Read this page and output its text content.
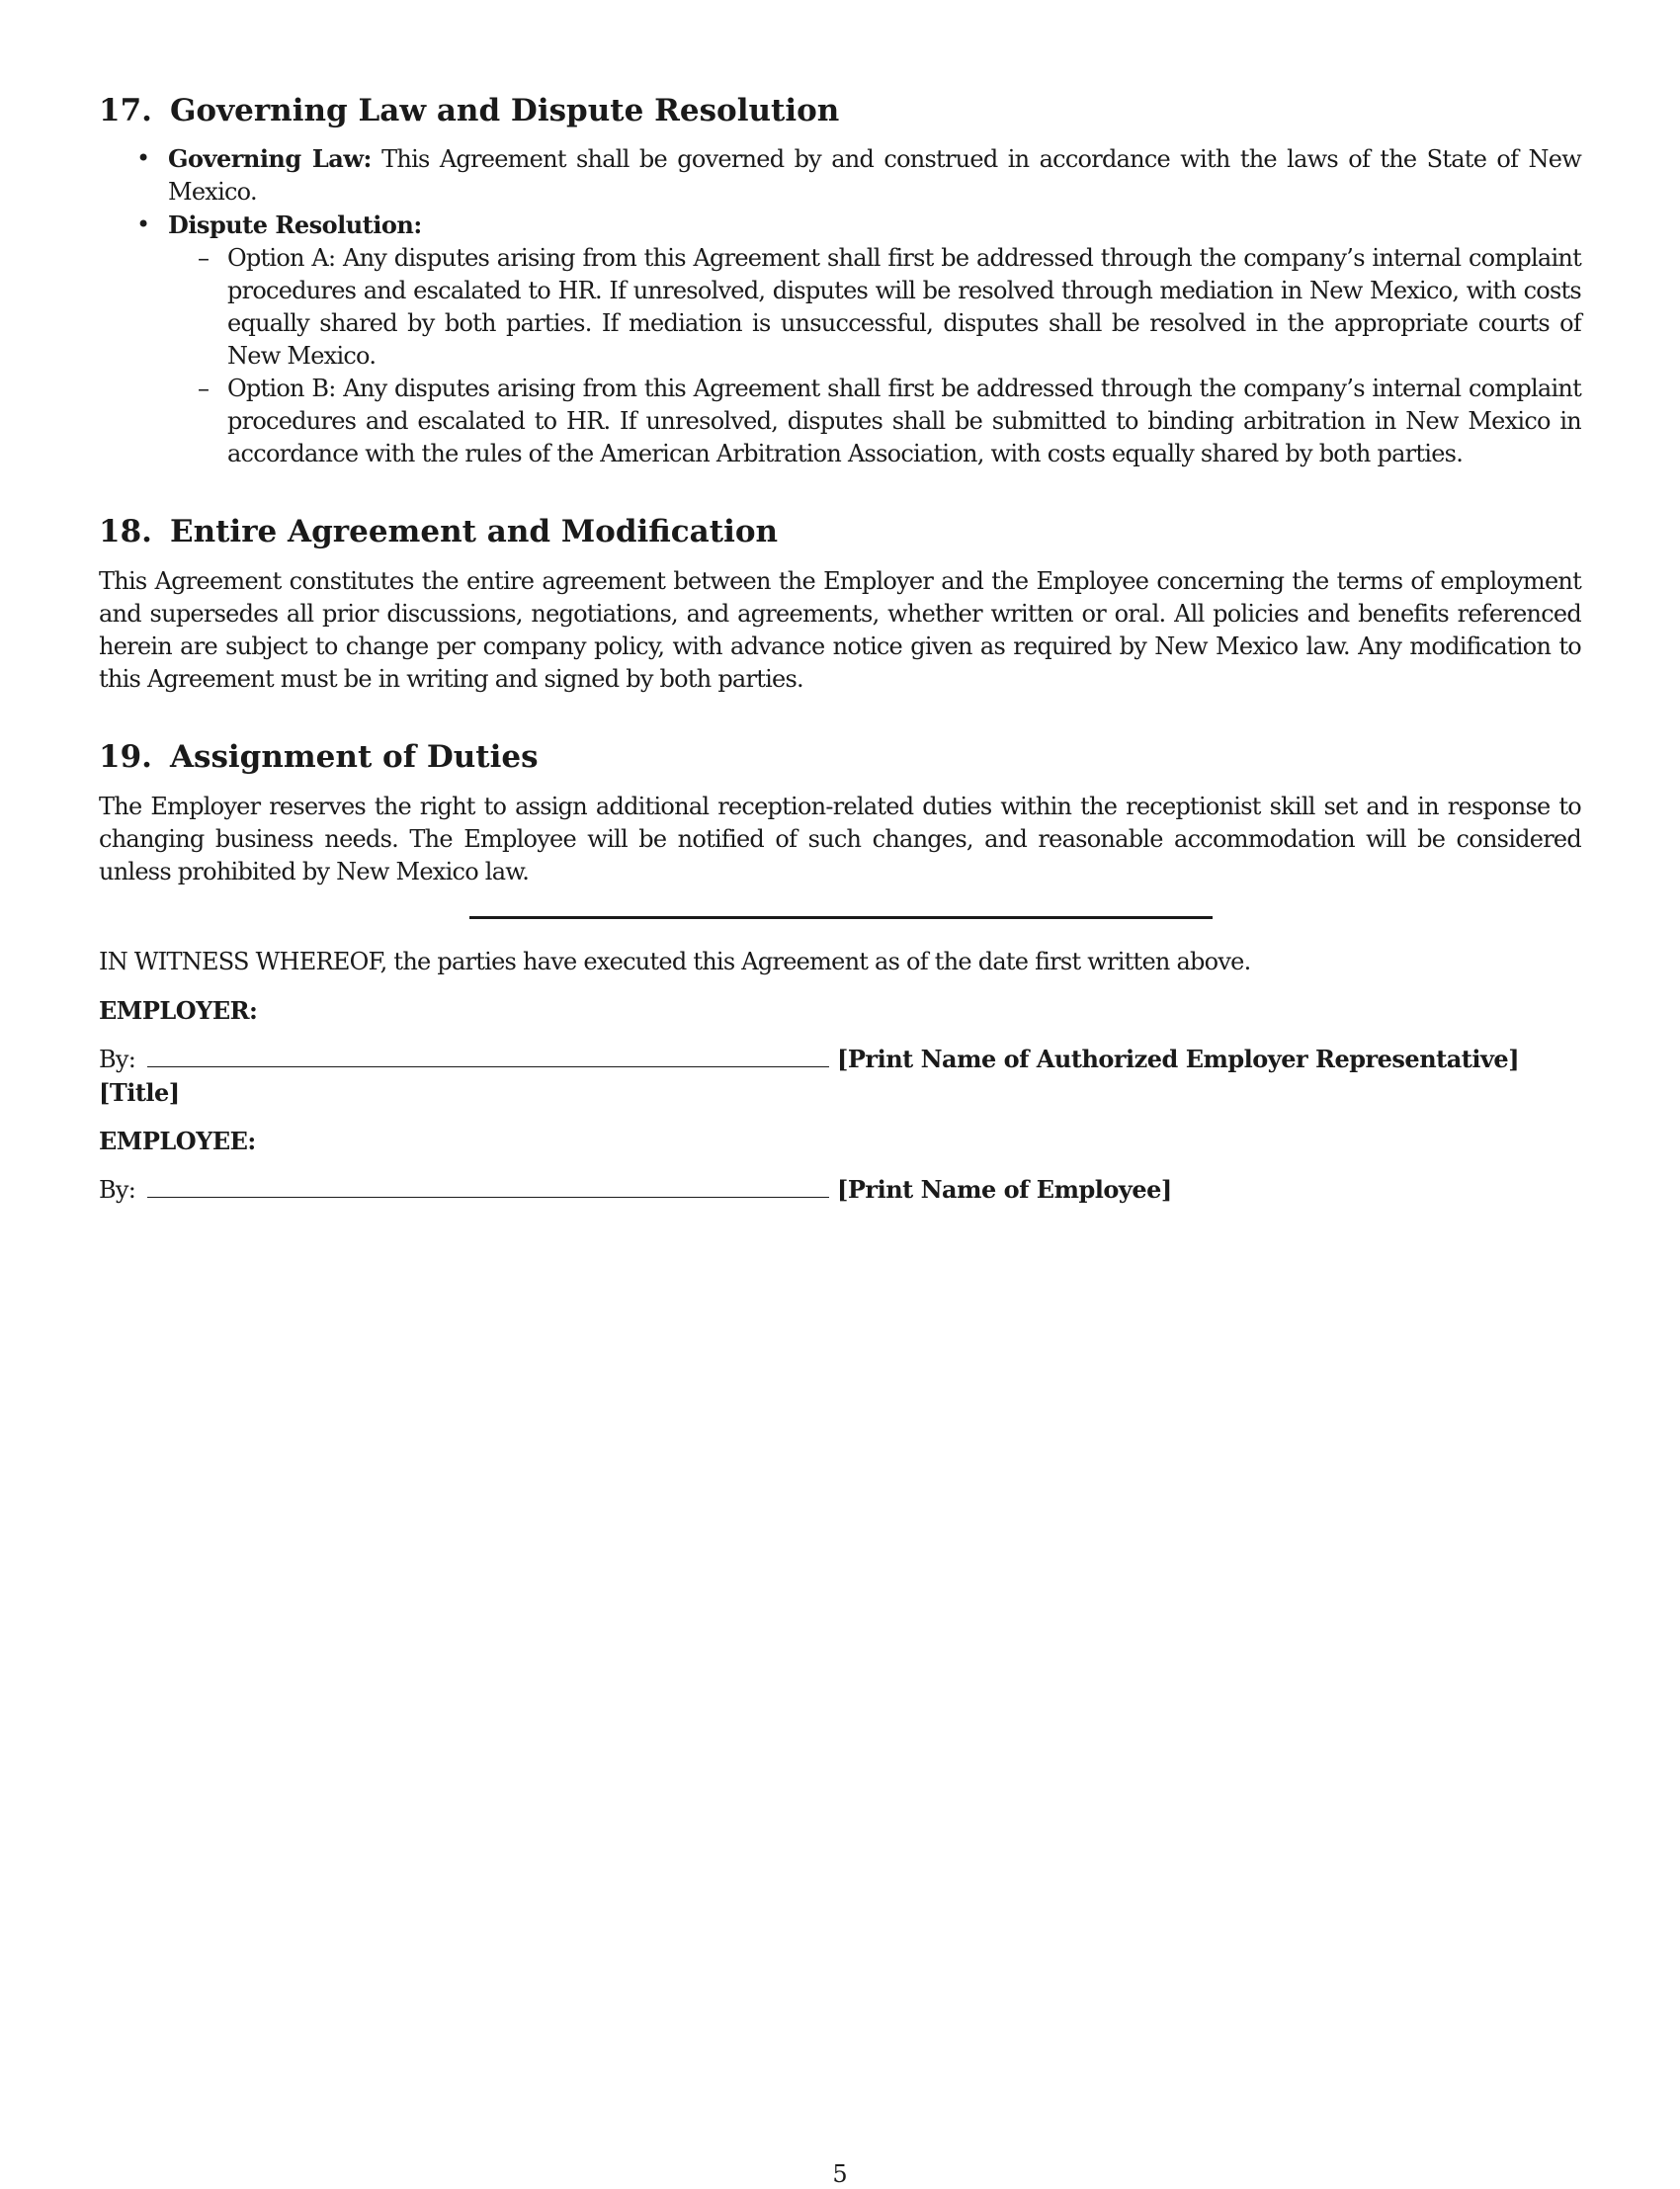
17. Governing Law and Dispute Resolution
• Governing Law: This Agreement shall be governed by and construed in accordance with the laws of the State of New Mexico.
• Dispute Resolution:
– Option A: Any disputes arising from this Agreement shall first be addressed through the company’s internal complaint procedures and escalated to HR. If unresolved, disputes will be resolved through mediation in New Mexico, with costs equally shared by both parties. If mediation is unsuccessful, disputes shall be resolved in the appropriate courts of New Mexico.
– Option B: Any disputes arising from this Agreement shall first be addressed through the company’s internal complaint procedures and escalated to HR. If unresolved, disputes shall be submitted to binding arbitration in New Mexico in accordance with the rules of the American Arbitration Association, with costs equally shared by both parties.
18. Entire Agreement and Modification

This Agreement constitutes the entire agreement between the Employer and the Employee concerning the terms of employment and supersedes all prior discussions, negotiations, and agreements, whether written or oral. All policies and benefits referenced herein are subject to change per company policy, with advance notice given as required by New Mexico law. Any modification to this Agreement must be in writing and signed by both parties.

19. Assignment of Duties

The Employer reserves the right to assign additional reception-related duties within the receptionist skill set and in response to changing business needs. The Employee will be notified of such changes, and reasonable accommodation will be considered unless prohibited by New Mexico law.

IN WITNESS WHEREOF, the parties have executed this Agreement as of the date first written above.

EMPLOYER:

By:	[Print Name of Authorized Employer Representative]

[Title]

EMPLOYEE:

By:	[Print Name of Employee]

5
